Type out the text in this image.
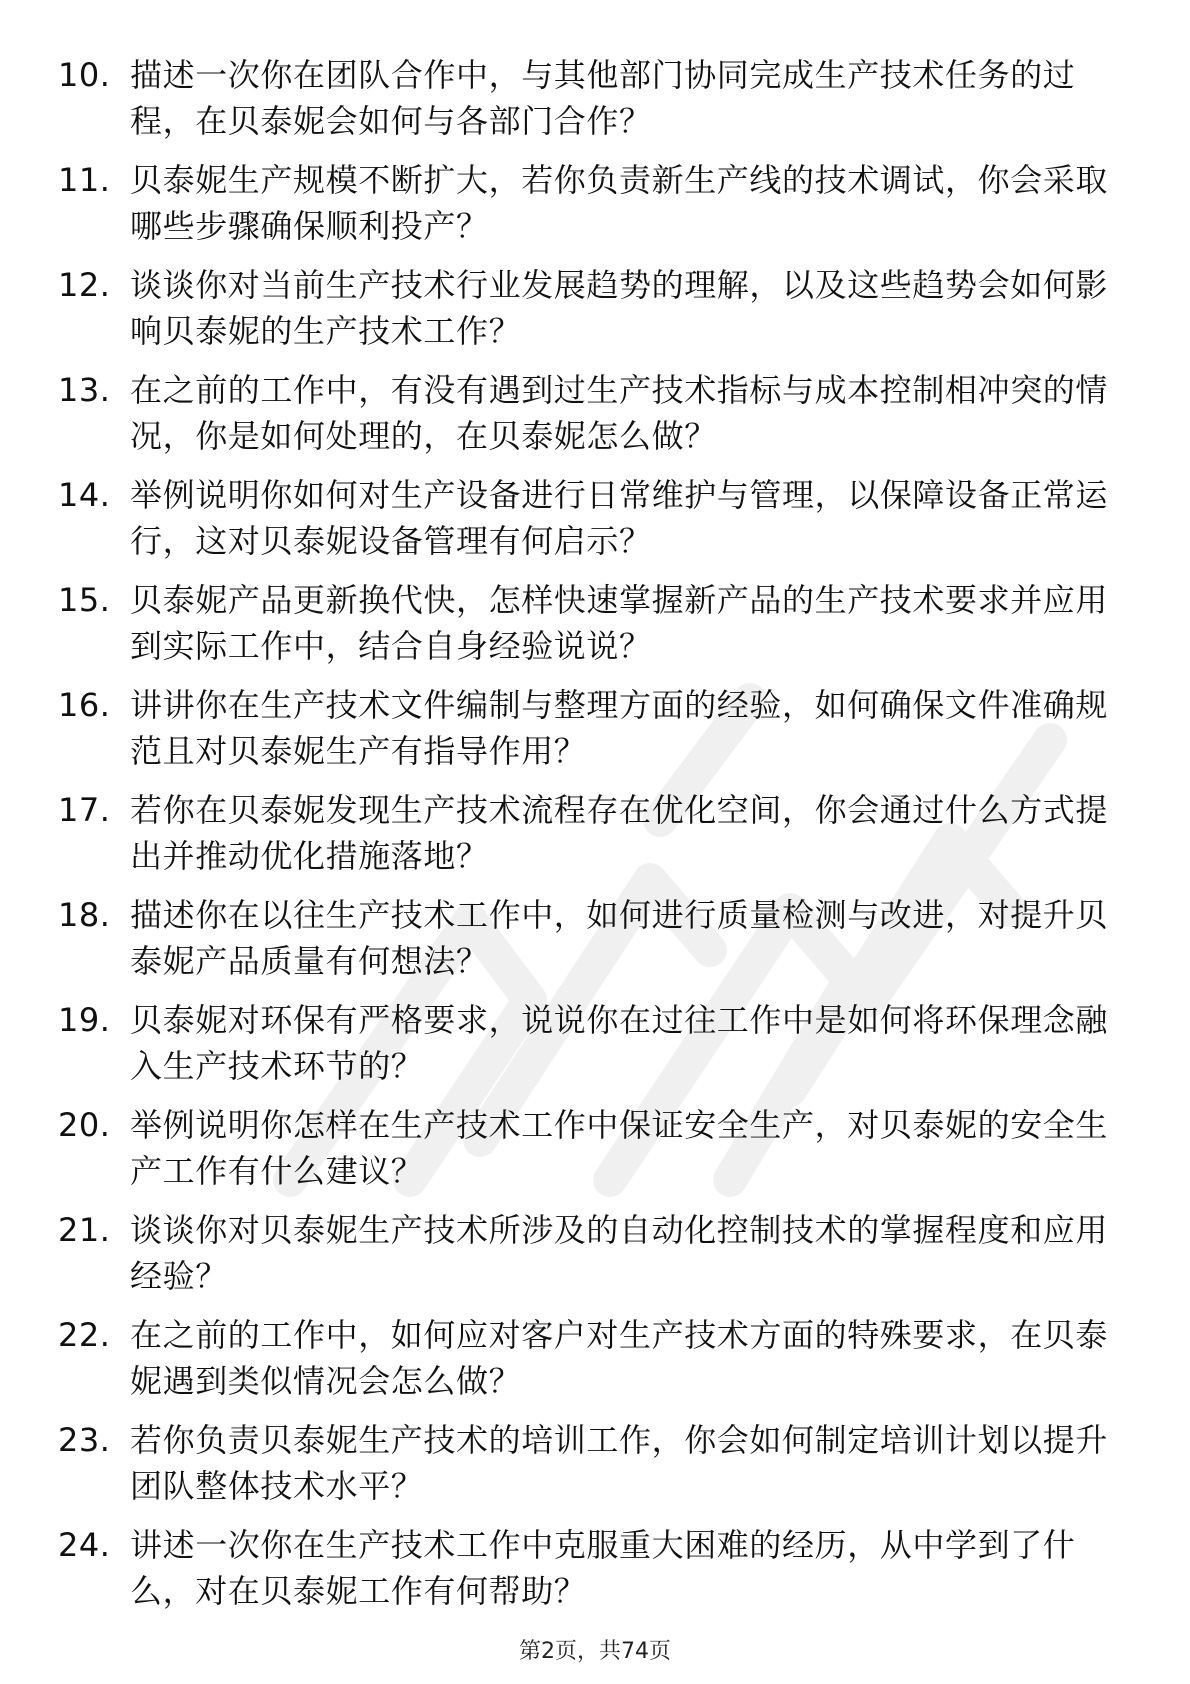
10. 描述一次你在团队合作中，与其他部门协同完成生产技术任务的过程，在贝泰妮会如何与各部门合作？
11. 贝泰妮生产规模不断扩大，若你负责新生产线的技术调试，你会采取哪些步骤确保顺利投产？
12. 谈谈你对当前生产技术行业发展趋势的理解，以及这些趋势会如何影响贝泰妮的生产技术工作？
13. 在之前的工作中，有没有遇到过生产技术指标与成本控制相冲突的情况，你是如何处理的，在贝泰妮怎么做？
14. 举例说明你如何对生产设备进行日常维护与管理，以保障设备正常运行，这对贝泰妮设备管理有何启示？
15. 贝泰妮产品更新换代快，怎样快速掌握新产品的生产技术要求并应用到实际工作中，结合自身经验说说？
16. 讲讲你在生产技术文件编制与整理方面的经验，如何确保文件准确规范且对贝泰妮生产有指导作用？
17. 若你在贝泰妮发现生产技术流程存在优化空间，你会通过什么方式提出并推动优化措施落地？
18. 描述你在以往生产技术工作中，如何进行质量检测与改进，对提升贝泰妮产品质量有何想法？
19. 贝泰妮对环保有严格要求，说说你在过往工作中是如何将环保理念融入生产技术环节的？
20. 举例说明你怎样在生产技术工作中保证安全生产，对贝泰妮的安全生产工作有什么建议？
21. 谈谈你对贝泰妮生产技术所涉及的自动化控制技术的掌握程度和应用经验？
22. 在之前的工作中，如何应对客户对生产技术方面的特殊要求，在贝泰妮遇到类似情况会怎么做？
23. 若你负责贝泰妮生产技术的培训工作，你会如何制定培训计划以提升团队整体技术水平？
24. 讲述一次你在生产技术工作中克服重大困难的经历，从中学到了什么，对在贝泰妮工作有何帮助？
第2页，共74页
